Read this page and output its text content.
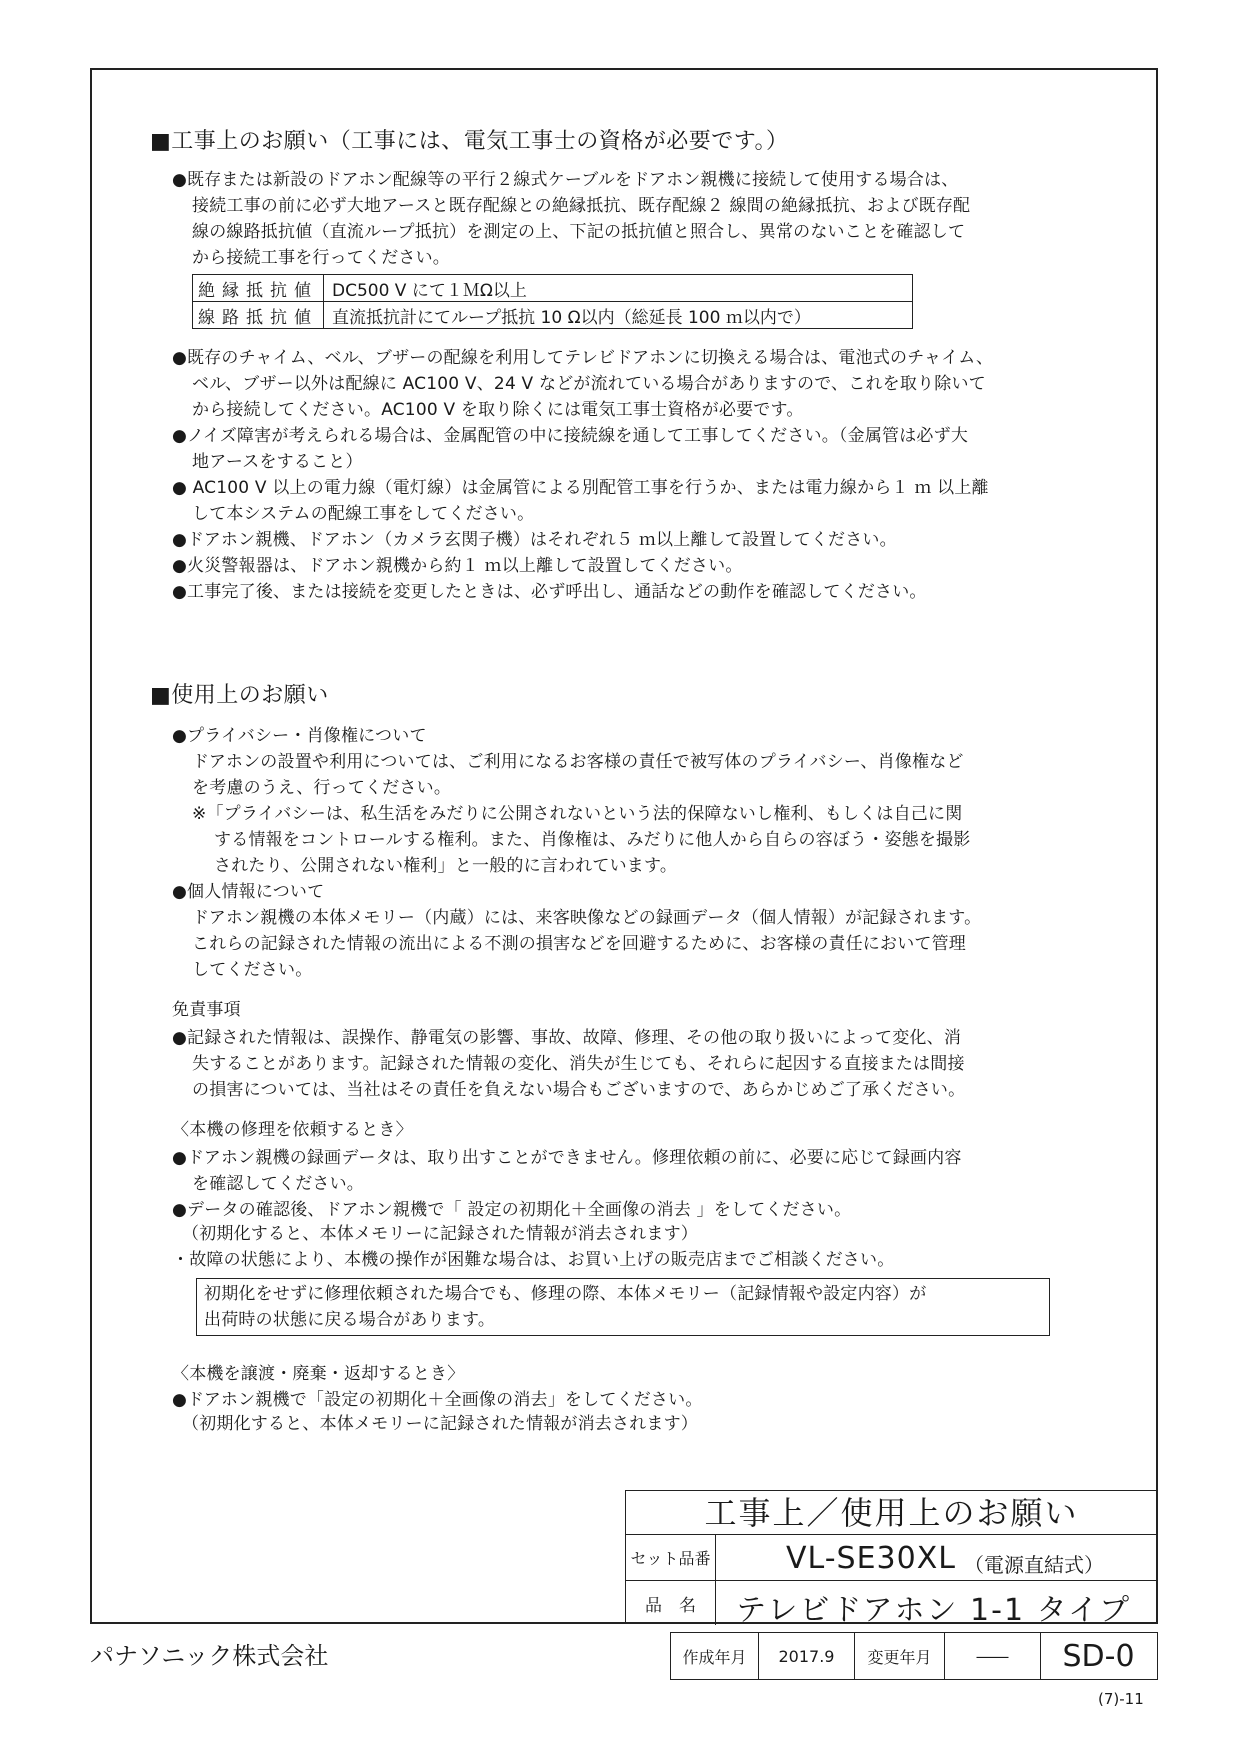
■工事上のお願い（工事には、電気工事士の資格が必要です。）
●既存または新設のドアホン配線等の平行２線式ケーブルをドアホン親機に接続して使用する場合は、
接続工事の前に必ず大地アースと既存配線との絶縁抵抗、既存配線２ 線間の絶縁抵抗、および既存配
線の線路抵抗値（直流ループ抵抗）を測定の上、下記の抵抗値と照合し、異常のないことを確認して
から接続工事を行ってください。
絶縁抵抗値	DC500 V にて１ＭΩ以上
線路抵抗値	直流抵抗計にてループ抵抗 10 Ω以内（総延長 100 ｍ以内で）
●既存のチャイム、ベル、ブザーの配線を利用してテレビドアホンに切換える場合は、電池式のチャイム、
ベル、ブザー以外は配線に AC100 V、24 V などが流れている場合がありますので、これを取り除いて
から接続してください。AC100 V を取り除くには電気工事士資格が必要です。
●ノイズ障害が考えられる場合は、金属配管の中に接続線を通して工事してください。（金属管は必ず大
地アースをすること）
● AC100 V 以上の電力線（電灯線）は金属管による別配管工事を行うか、または電力線から１ ｍ 以上離
して本システムの配線工事をしてください。
●ドアホン親機、ドアホン（カメラ玄関子機）はそれぞれ５ ｍ以上離して設置してください。
●火災警報器は、ドアホン親機から約１ ｍ以上離して設置してください。
●工事完了後、または接続を変更したときは、必ず呼出し、通話などの動作を確認してください。
■使用上のお願い
●プライバシー・肖像権について
ドアホンの設置や利用については、ご利用になるお客様の責任で被写体のプライバシー、肖像権など
を考慮のうえ、行ってください。
※「プライバシーは、私生活をみだりに公開されないという法的保障ないし権利、もしくは自己に関
する情報をコントロールする権利。また、肖像権は、みだりに他人から自らの容ぼう・姿態を撮影
されたり、公開されない権利」と一般的に言われています。
●個人情報について
ドアホン親機の本体メモリー（内蔵）には、来客映像などの録画データ（個人情報）が記録されます。
これらの記録された情報の流出による不測の損害などを回避するために、お客様の責任において管理
してください。
免責事項
●記録された情報は、誤操作、静電気の影響、事故、故障、修理、その他の取り扱いによって変化、消
失することがあります。記録された情報の変化、消失が生じても、それらに起因する直接または間接
の損害については、当社はその責任を負えない場合もございますので、あらかじめご了承ください。
〈本機の修理を依頼するとき〉
●ドアホン親機の録画データは、取り出すことができません。修理依頼の前に、必要に応じて録画内容
を確認してください。
●データの確認後、ドアホン親機で「 設定の初期化＋全画像の消去 」をしてください。
（初期化すると、本体メモリーに記録された情報が消去されます）
・故障の状態により、本機の操作が困難な場合は、お買い上げの販売店までご相談ください。
初期化をせずに修理依頼された場合でも、修理の際、本体メモリー（記録情報や設定内容）が
出荷時の状態に戻る場合があります。
〈本機を譲渡・廃棄・返却するとき〉
●ドアホン親機で「設定の初期化＋全画像の消去」をしてください。
（初期化すると、本体メモリーに記録された情報が消去されます）
工事上／使用上のお願い
セット品番	VL-SE30XL （電源直結式）
品　名	テレビドアホン 1-1 タイプ
パナソニック株式会社	作成年月	2017.9	変更年月	――	SD-0
(7)-11
